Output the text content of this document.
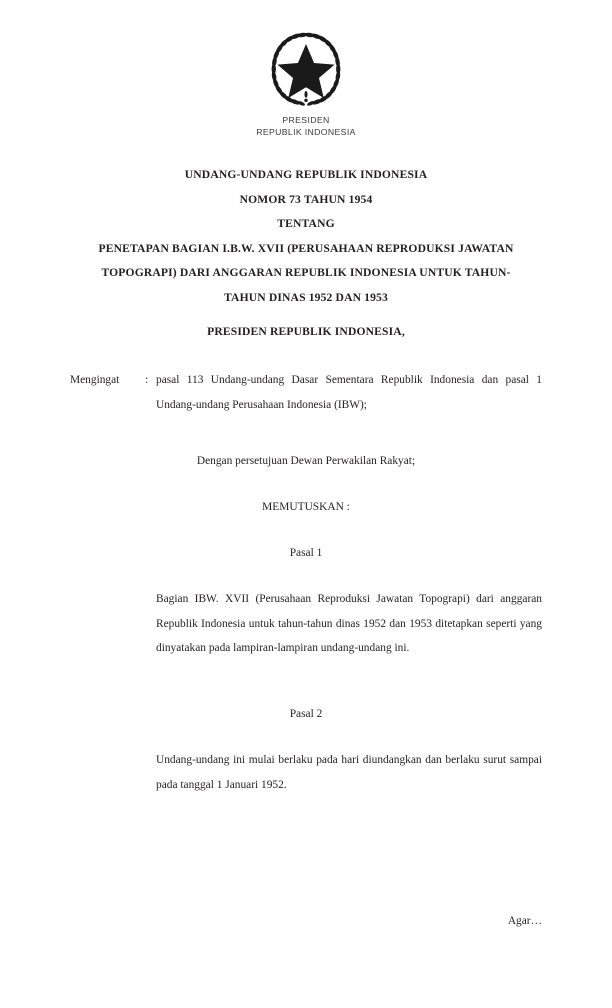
PRESIDEN
REPUBLIK INDONESIA
UNDANG-UNDANG REPUBLIK INDONESIA
NOMOR 73 TAHUN 1954
TENTANG
PENETAPAN BAGIAN I.B.W. XVII (PERUSAHAAN REPRODUKSI JAWATAN
TOPOGRAPI) DARI ANGGARAN REPUBLIK INDONESIA UNTUK TAHUN-
TAHUN DINAS 1952 DAN 1953
PRESIDEN REPUBLIK INDONESIA,
Mengingat	: pasal 113 Undang-undang Dasar Sementara Republik Indonesia dan pasal 1 Undang-undang Perusahaan Indonesia (IBW);

Dengan persetujuan Dewan Perwakilan Rakyat;
MEMUTUSKAN :
Pasal 1

Bagian IBW. XVII (Perusahaan Reproduksi Jawatan Topograpi) dari anggaran Republik Indonesia untuk tahun-tahun dinas 1952 dan 1953 ditetapkan seperti yang dinyatakan pada lampiran-lampiran undang-undang ini.

Pasal 2

Undang-undang ini mulai berlaku pada hari diundangkan dan berlaku surut sampai pada tanggal 1 Januari 1952.

Agar…
